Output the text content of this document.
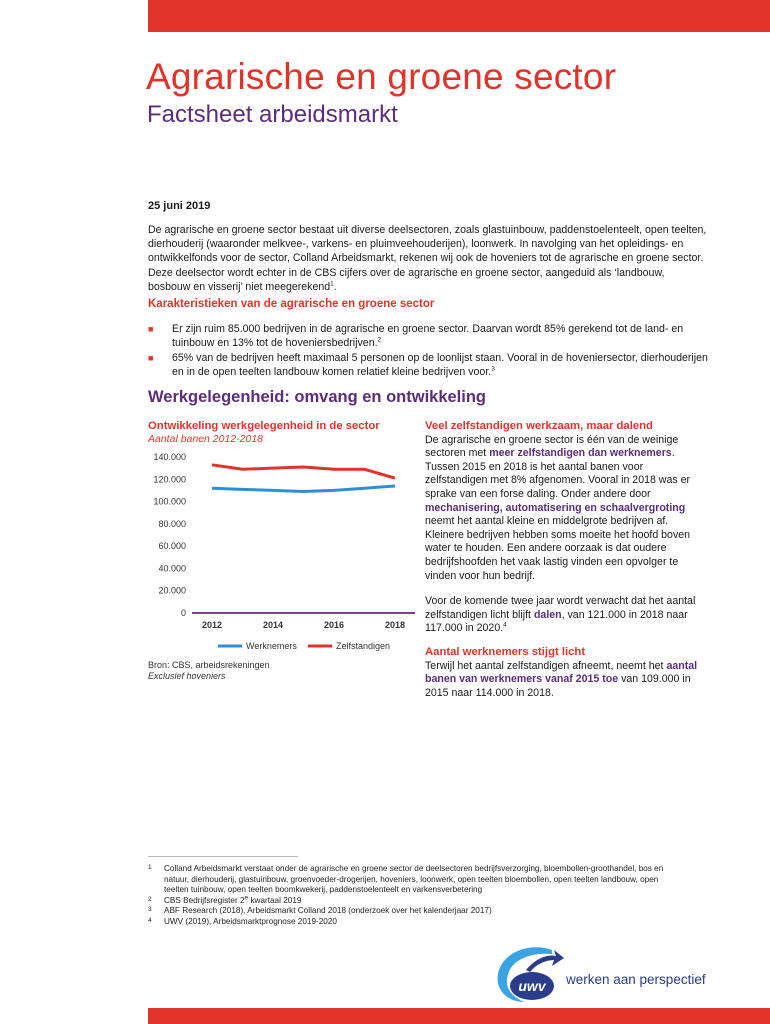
Agrarische en groene sector
Factsheet arbeidsmarkt
25 juni 2019

De agrarische en groene sector bestaat uit diverse deelsectoren, zoals glastuinbouw, paddenstoelenteelt, open teelten, dierhouderij (waaronder melkvee-, varkens- en pluimveehouderijen), loonwerk. In navolging van het opleidings- en ontwikkelfonds voor de sector, Colland Arbeidsmarkt, rekenen wij ook de hoveniers tot de agrarische en groene sector. Deze deelsector wordt echter in de CBS cijfers over de agrarische en groene sector, aangeduid als ‘landbouw, bosbouw en visserij’ niet meegerekend$^1$.

Karakteristieken van de agrarische en groene sector
■ Er zijn ruim 85.000 bedrijven in de agrarische en groene sector. Daarvan wordt 85% gerekend tot de land- en tuinbouw en 13% tot de hoveniersbedrijven.$^2$
■ 65% van de bedrijven heeft maximaal 5 personen op de loonlijst staan. Vooral in de hoveniersector, dierhouderijen en in de open teelten landbouw komen relatief kleine bedrijven voor.$^3$
Werkgelegenheid: omvang en ontwikkeling
Ontwikkeling werkgelegenheid in de sector
Aantal banen 2012-2018
0
20.000
40.000
60.000
80.000
100.000
120.000
140.000
2012	2014	2016	2018
Werknemers	Zelfstandigen
Bron: CBS, arbeidsrekeningen
Exclusief hoveniers
Veel zelfstandigen werkzaam, maar dalend

De agrarische en groene sector is één van de weinige sectoren met meer zelfstandigen dan werknemers. Tussen 2015 en 2018 is het aantal banen voor zelfstandigen met 8% afgenomen. Vooral in 2018 was er sprake van een forse daling. Onder andere door mechanisering, automatisering en schaalvergroting neemt het aantal kleine en middelgrote bedrijven af. Kleinere bedrijven hebben soms moeite het hoofd boven water te houden. Een andere oorzaak is dat oudere bedrijfshoofden het vaak lastig vinden een opvolger te vinden voor hun bedrijf.

Voor de komende twee jaar wordt verwacht dat het aantal zelfstandigen licht blijft dalen, van 121.000 in 2018 naar 117.000 in 2020.$^4$

Aantal werknemers stijgt licht

Terwijl het aantal zelfstandigen afneemt, neemt het aantal banen van werknemers vanaf 2015 toe van 109.000 in 2015 naar 114.000 in 2018.

1 Colland Arbeidsmarkt verstaat onder de agrarische en groene sector de deelsectoren bedrijfsverzorging, bloembollen-groothandel, bos en natuur, dierhouderij, glastuinbouw, groenvoeder-drogerijen, hoveniers, loonwerk, open teelten bloembollen, open teelten landbouw, open teelten tuinbouw, open teelten boomkwekerij, paddenstoelenteelt en varkensverbetering
2 CBS Bedrijfsregister 2e kwartaal 2019
3 ABF Research (2018), Arbeidsmarkt Colland 2018 (onderzoek over het kalenderjaar 2017)
4 UWV (2019), Arbeidsmarktprognose 2019-2020
uwv werken aan perspectief
